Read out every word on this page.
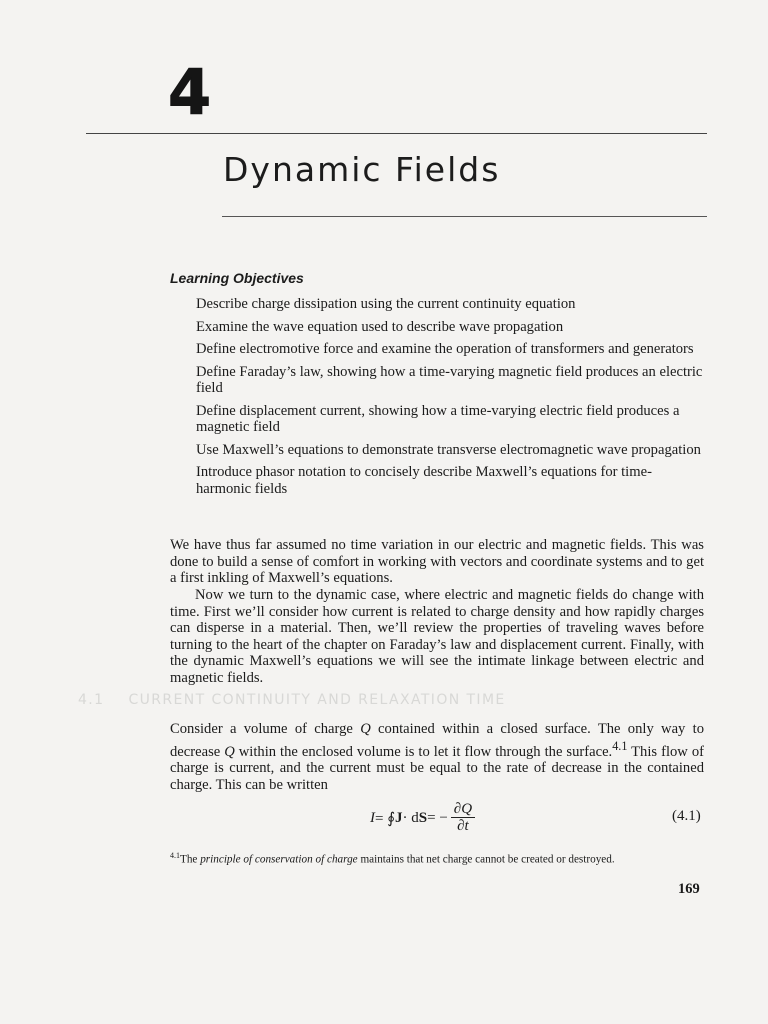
4
Dynamic Fields
Learning Objectives
Describe charge dissipation using the current continuity equation
Examine the wave equation used to describe wave propagation
Define electromotive force and examine the operation of transformers and generators
Define Faraday’s law, showing how a time-varying magnetic field produces an electric field
Define displacement current, showing how a time-varying electric field produces a magnetic field
Use Maxwell’s equations to demonstrate transverse electromagnetic wave propagation
Introduce phasor notation to concisely describe Maxwell’s equations for time-harmonic fields

We have thus far assumed no time variation in our electric and magnetic fields. This was done to build a sense of comfort in working with vectors and coordinate systems and to get a first inkling of Maxwell’s equations.

Now we turn to the dynamic case, where electric and magnetic fields do change with time. First we’ll consider how current is related to charge density and how rapidly charges can disperse in a material. Then, we’ll review the properties of traveling waves before turning to the heart of the chapter on Faraday’s law and displacement current. Finally, with the dynamic Maxwell’s equations we will see the intimate linkage between electric and magnetic fields.

4.1 CURRENT CONTINUITY AND RELAXATION TIME

Consider a volume of charge Q contained within a closed surface. The only way to decrease Q within the enclosed volume is to let it flow through the surface.$^{4.1}$ This flow of charge is current, and the current must be equal to the rate of decrease in the contained charge. This can be written

I = ∮ J · d S = − $\frac{\partial Q}{\partial t}$	(4.1)
$^{4.1}$The principle of conservation of charge maintains that net charge cannot be created or destroyed.
169
